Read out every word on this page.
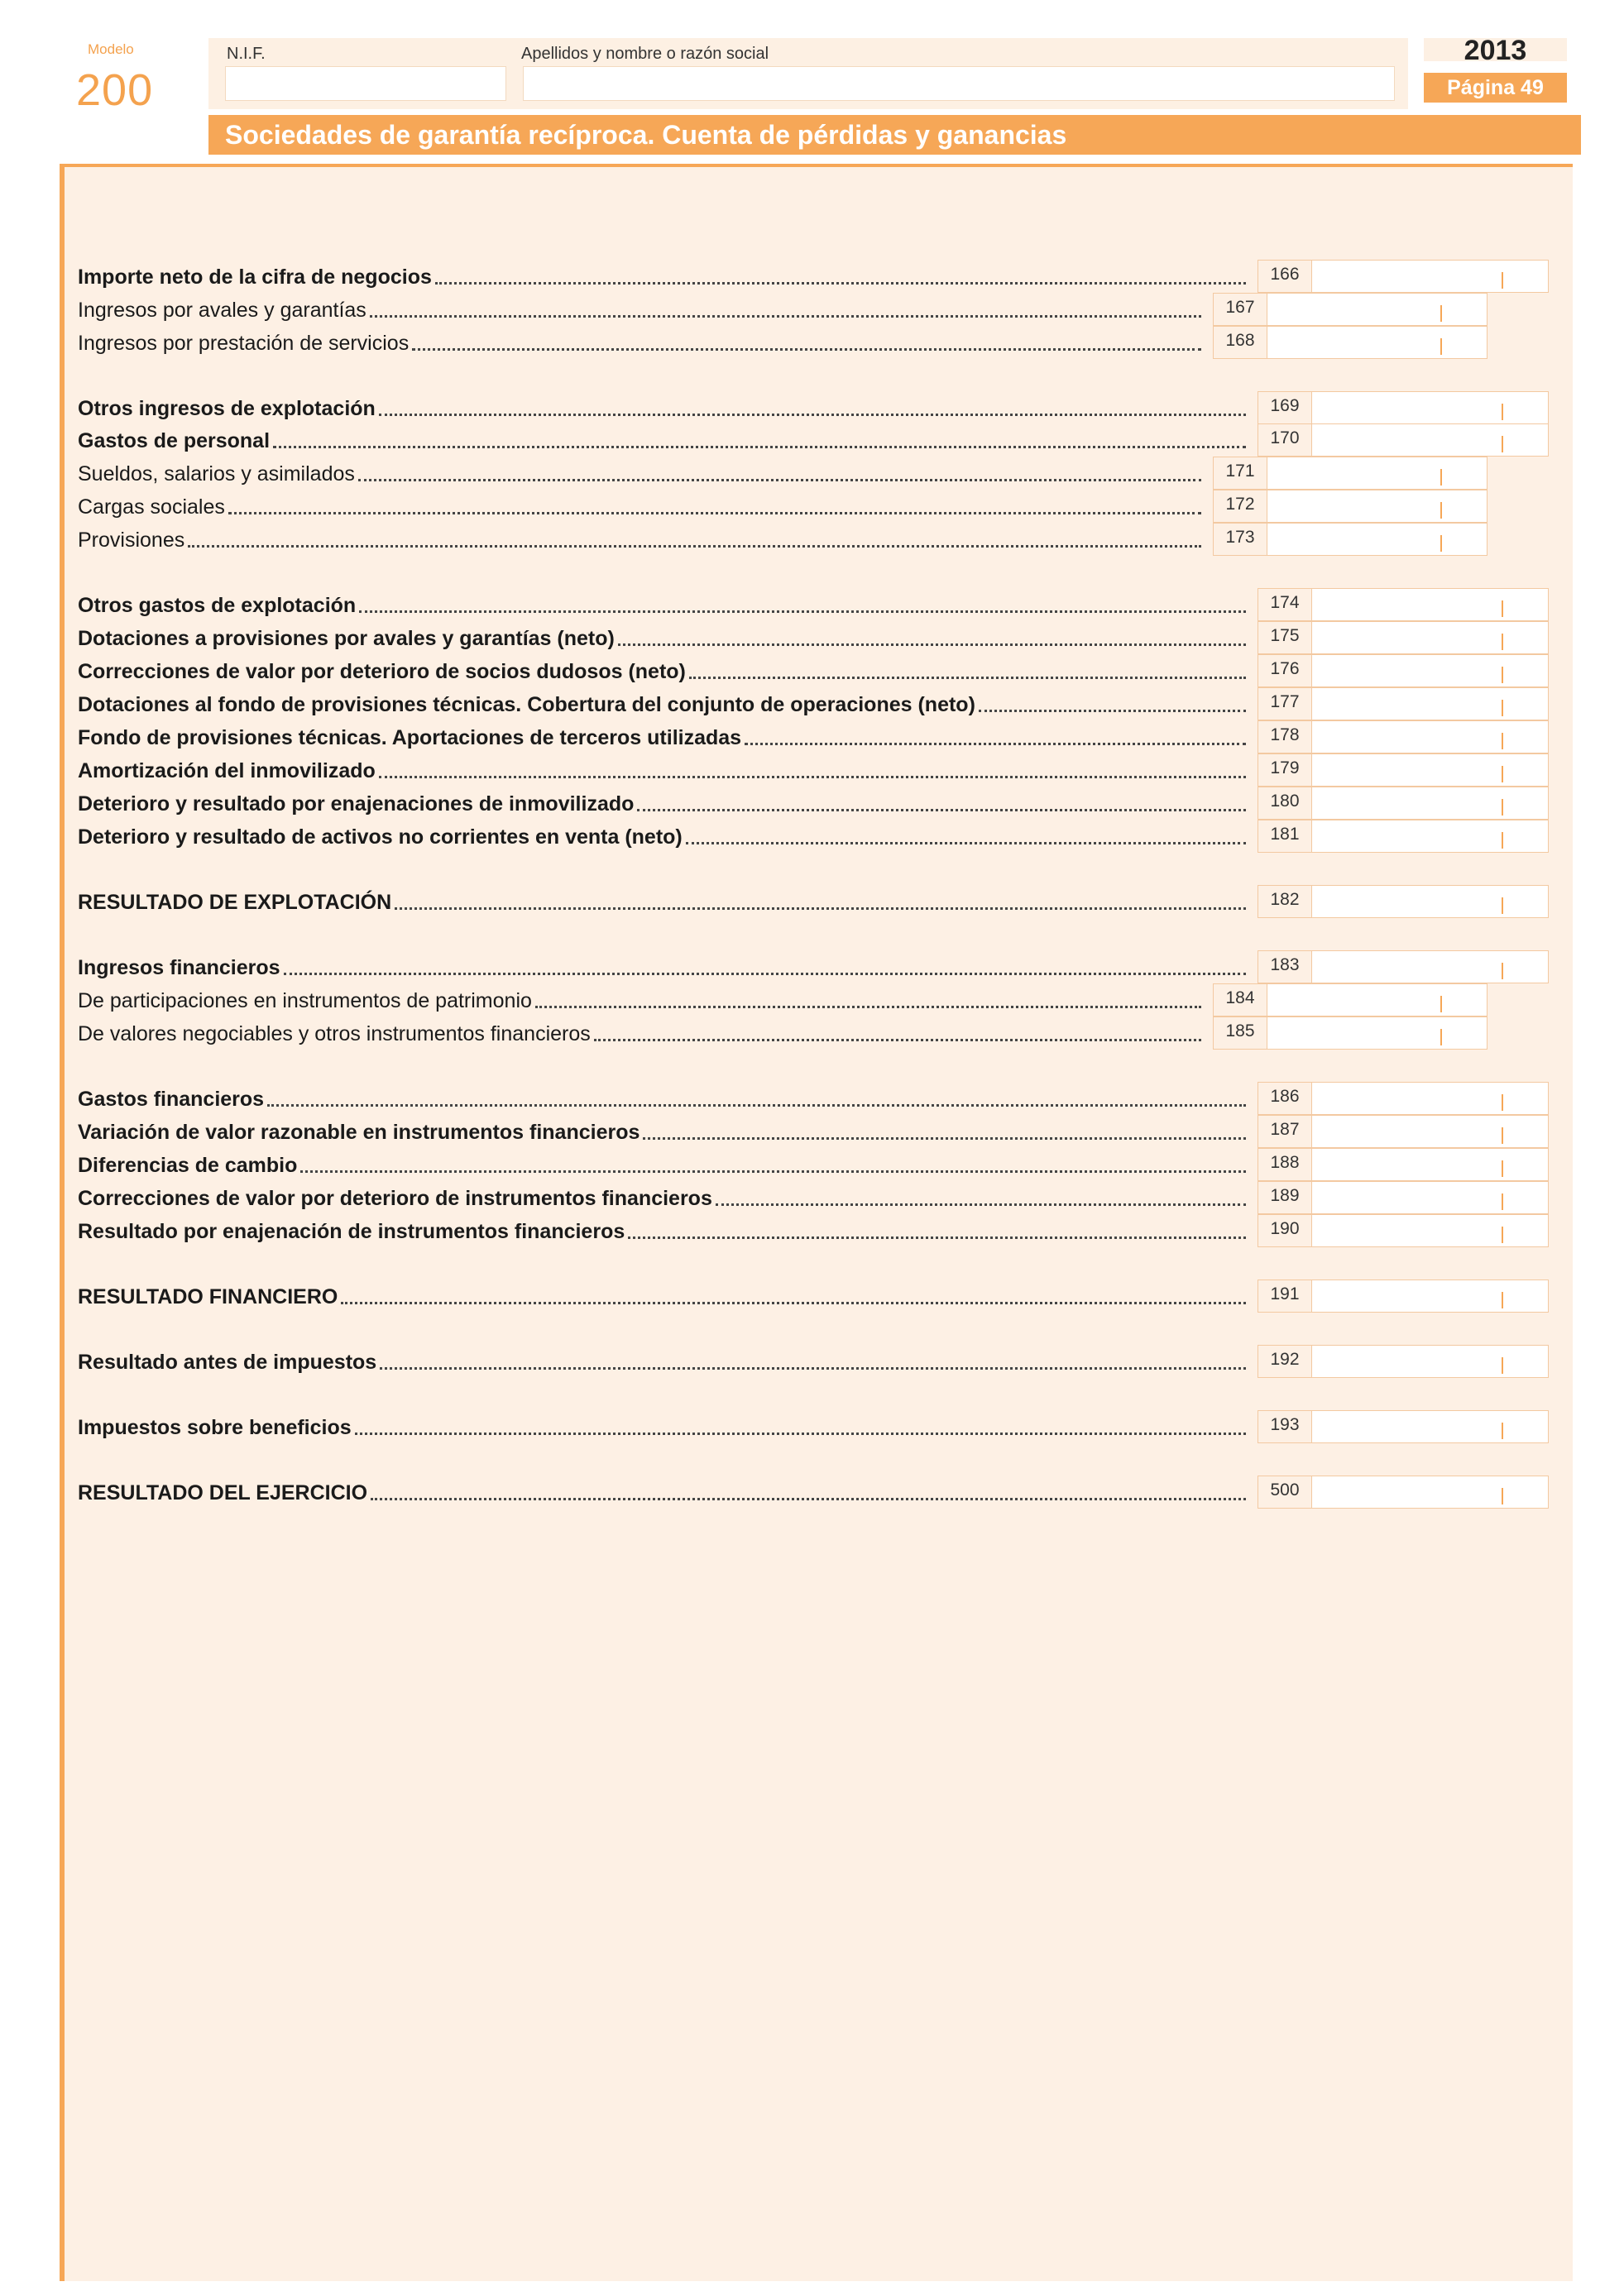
Modelo
200
N.I.F.	Apellidos y nombre o razón social	2013
Página 49
Sociedades de garantía recíproca. Cuenta de pérdidas y ganancias
Importe neto de la cifra de negocios	166
Ingresos por avales y garantías	167
Ingresos por prestación de servicios	168
Otros ingresos de explotación	169
Gastos de personal	170
Sueldos, salarios y asimilados	171
Cargas sociales	172
Provisiones	173
Otros gastos de explotación	174
Dotaciones a provisiones por avales y garantías (neto)	175
Correcciones de valor por deterioro de socios dudosos (neto)	176
Dotaciones al fondo de provisiones técnicas. Cobertura del conjunto de operaciones (neto)	177
Fondo de provisiones técnicas. Aportaciones de terceros utilizadas	178
Amortización del inmovilizado	179
Deterioro y resultado por enajenaciones de inmovilizado	180
Deterioro y resultado de activos no corrientes en venta (neto)	181
RESULTADO DE EXPLOTACIÓN	182
Ingresos financieros	183
De participaciones en instrumentos de patrimonio	184
De valores negociables y otros instrumentos financieros	185
Gastos financieros	186
Variación de valor razonable en instrumentos financieros	187
Diferencias de cambio	188
Correcciones de valor por deterioro de instrumentos financieros	189
Resultado por enajenación de instrumentos financieros	190
RESULTADO FINANCIERO	191
Resultado antes de impuestos	192
Impuestos sobre beneficios	193
RESULTADO DEL EJERCICIO	500
